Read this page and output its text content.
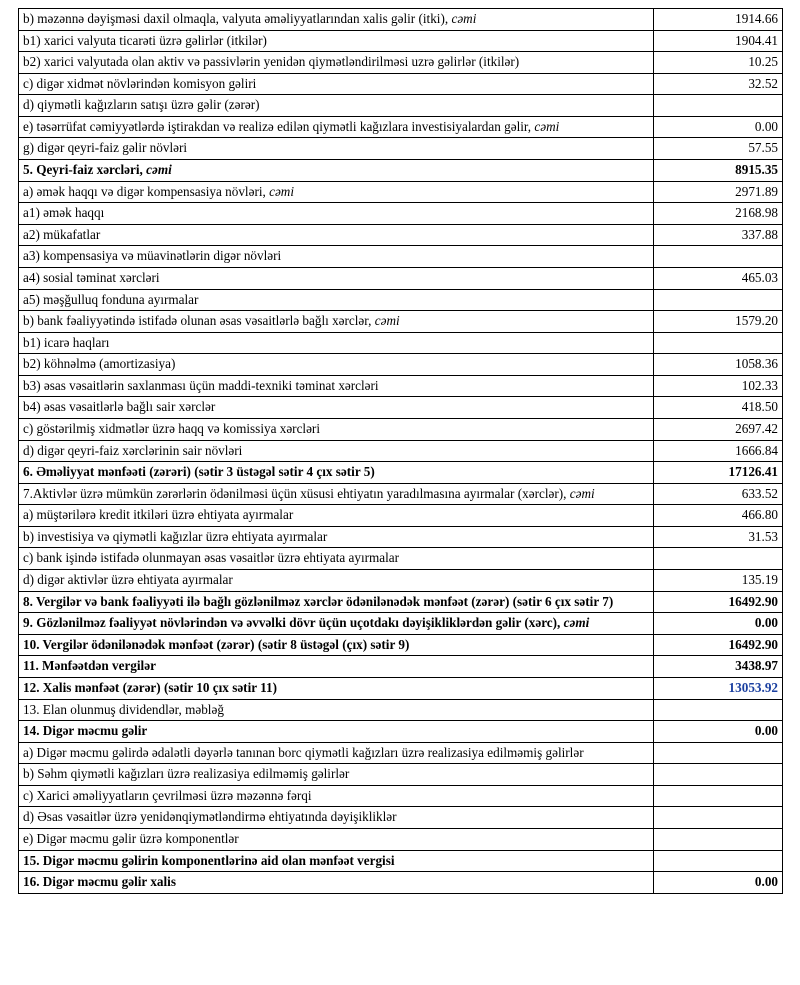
b) məzənnə dəyişməsi daxil olmaqla, valyuta əməliyyatlarından xalis gəlir (itki), cəmi	1914.66
b1) xarici valyuta ticarəti üzrə gəlirlər (itkilər)	1904.41
b2) xarici valyutada olan aktiv və passivlərin yenidən qiymətləndirilməsi uzrə gəlirlər (itkilər)	10.25
c) digər xidmət növlərindən komisyon gəliri	32.52
d) qiymətli kağızların satışı üzrə gəlir (zərər)	
e) təsərrüfat cəmiyyətlərdə iştirakdan və realizə edilən qiymətli kağızlara investisiyalardan gəlir, cəmi	0.00
g) digər qeyri-faiz gəlir növləri	57.55
5. Qeyri-faiz xərcləri, cəmi	8915.35
a) əmək haqqı və digər kompensasiya növləri, cəmi	2971.89
a1) əmək haqqı	2168.98
a2) mükafatlar	337.88
a3) kompensasiya və müavinətlərin digər növləri	
a4) sosial təminat xərcləri	465.03
a5) məşğulluq fonduna ayırmalar	
b) bank fəaliyyətində istifadə olunan əsas vəsaitlərlə bağlı xərclər, cəmi	1579.20
b1) icarə haqları	
b2) köhnəlmə (amortizasiya)	1058.36
b3) əsas vəsaitlərin saxlanması üçün maddi-texniki təminat xərcləri	102.33
b4) əsas vəsaitlərlə bağlı sair xərclər	418.50
c) göstərilmiş xidmətlər üzrə haqq və komissiya xərcləri	2697.42
d) digər qeyri-faiz xərclərinin sair növləri	1666.84
6. Əməliyyat mənfəəti (zərəri) (sətir 3 üstəgəl sətir 4 çıx sətir 5)	17126.41
7.Aktivlər üzrə mümkün zərərlərin ödənilməsi üçün xüsusi ehtiyatın yaradılmasına ayırmalar (xərclər), cəmi	633.52
a) müştərilərə kredit itkiləri üzrə ehtiyata ayırmalar	466.80
b) investisiya və qiymətli kağızlar üzrə ehtiyata ayırmalar	31.53
c) bank işində istifadə olunmayan əsas vəsaitlər üzrə ehtiyata ayırmalar	
d) digər aktivlər üzrə ehtiyata ayırmalar	135.19
8. Vergilər və bank fəaliyyəti ilə bağlı gözlənilməz xərclər ödənilənədək mənfəət (zərər) (sətir 6 çıx sətir 7)	16492.90
9. Gözlənilməz fəaliyyət növlərindən və əvvəlki dövr üçün uçotdakı dəyişikliklərdən gəlir (xərc), cəmi	0.00
10. Vergilər ödənilənədək mənfəət (zərər) (sətir 8 üstəgəl (çıx) sətir 9)	16492.90
11. Mənfəətdən vergilər	3438.97
12. Xalis mənfəət (zərər) (sətir 10 çıx sətir 11)	13053.92
13. Elan olunmuş dividendlər, məbləğ	
14. Digər məcmu gəlir	0.00
a) Digər məcmu gəlirdə ədalətli dəyərlə tanınan borc qiymətli kağızları üzrə realizasiya edilməmiş gəlirlər	
b) Səhm qiymətli kağızları üzrə realizasiya edilməmiş gəlirlər	
c) Xarici əməliyyatların çevrilməsi üzrə məzənnə fərqi	
d) Əsas vəsaitlər üzrə yenidənqiymətləndirmə ehtiyatında dəyişikliklər	
e) Digər məcmu gəlir üzrə komponentlər	
15. Digər məcmu gəlirin komponentlərinə aid olan mənfəət vergisi	
16. Digər məcmu gəlir xalis	0.00
